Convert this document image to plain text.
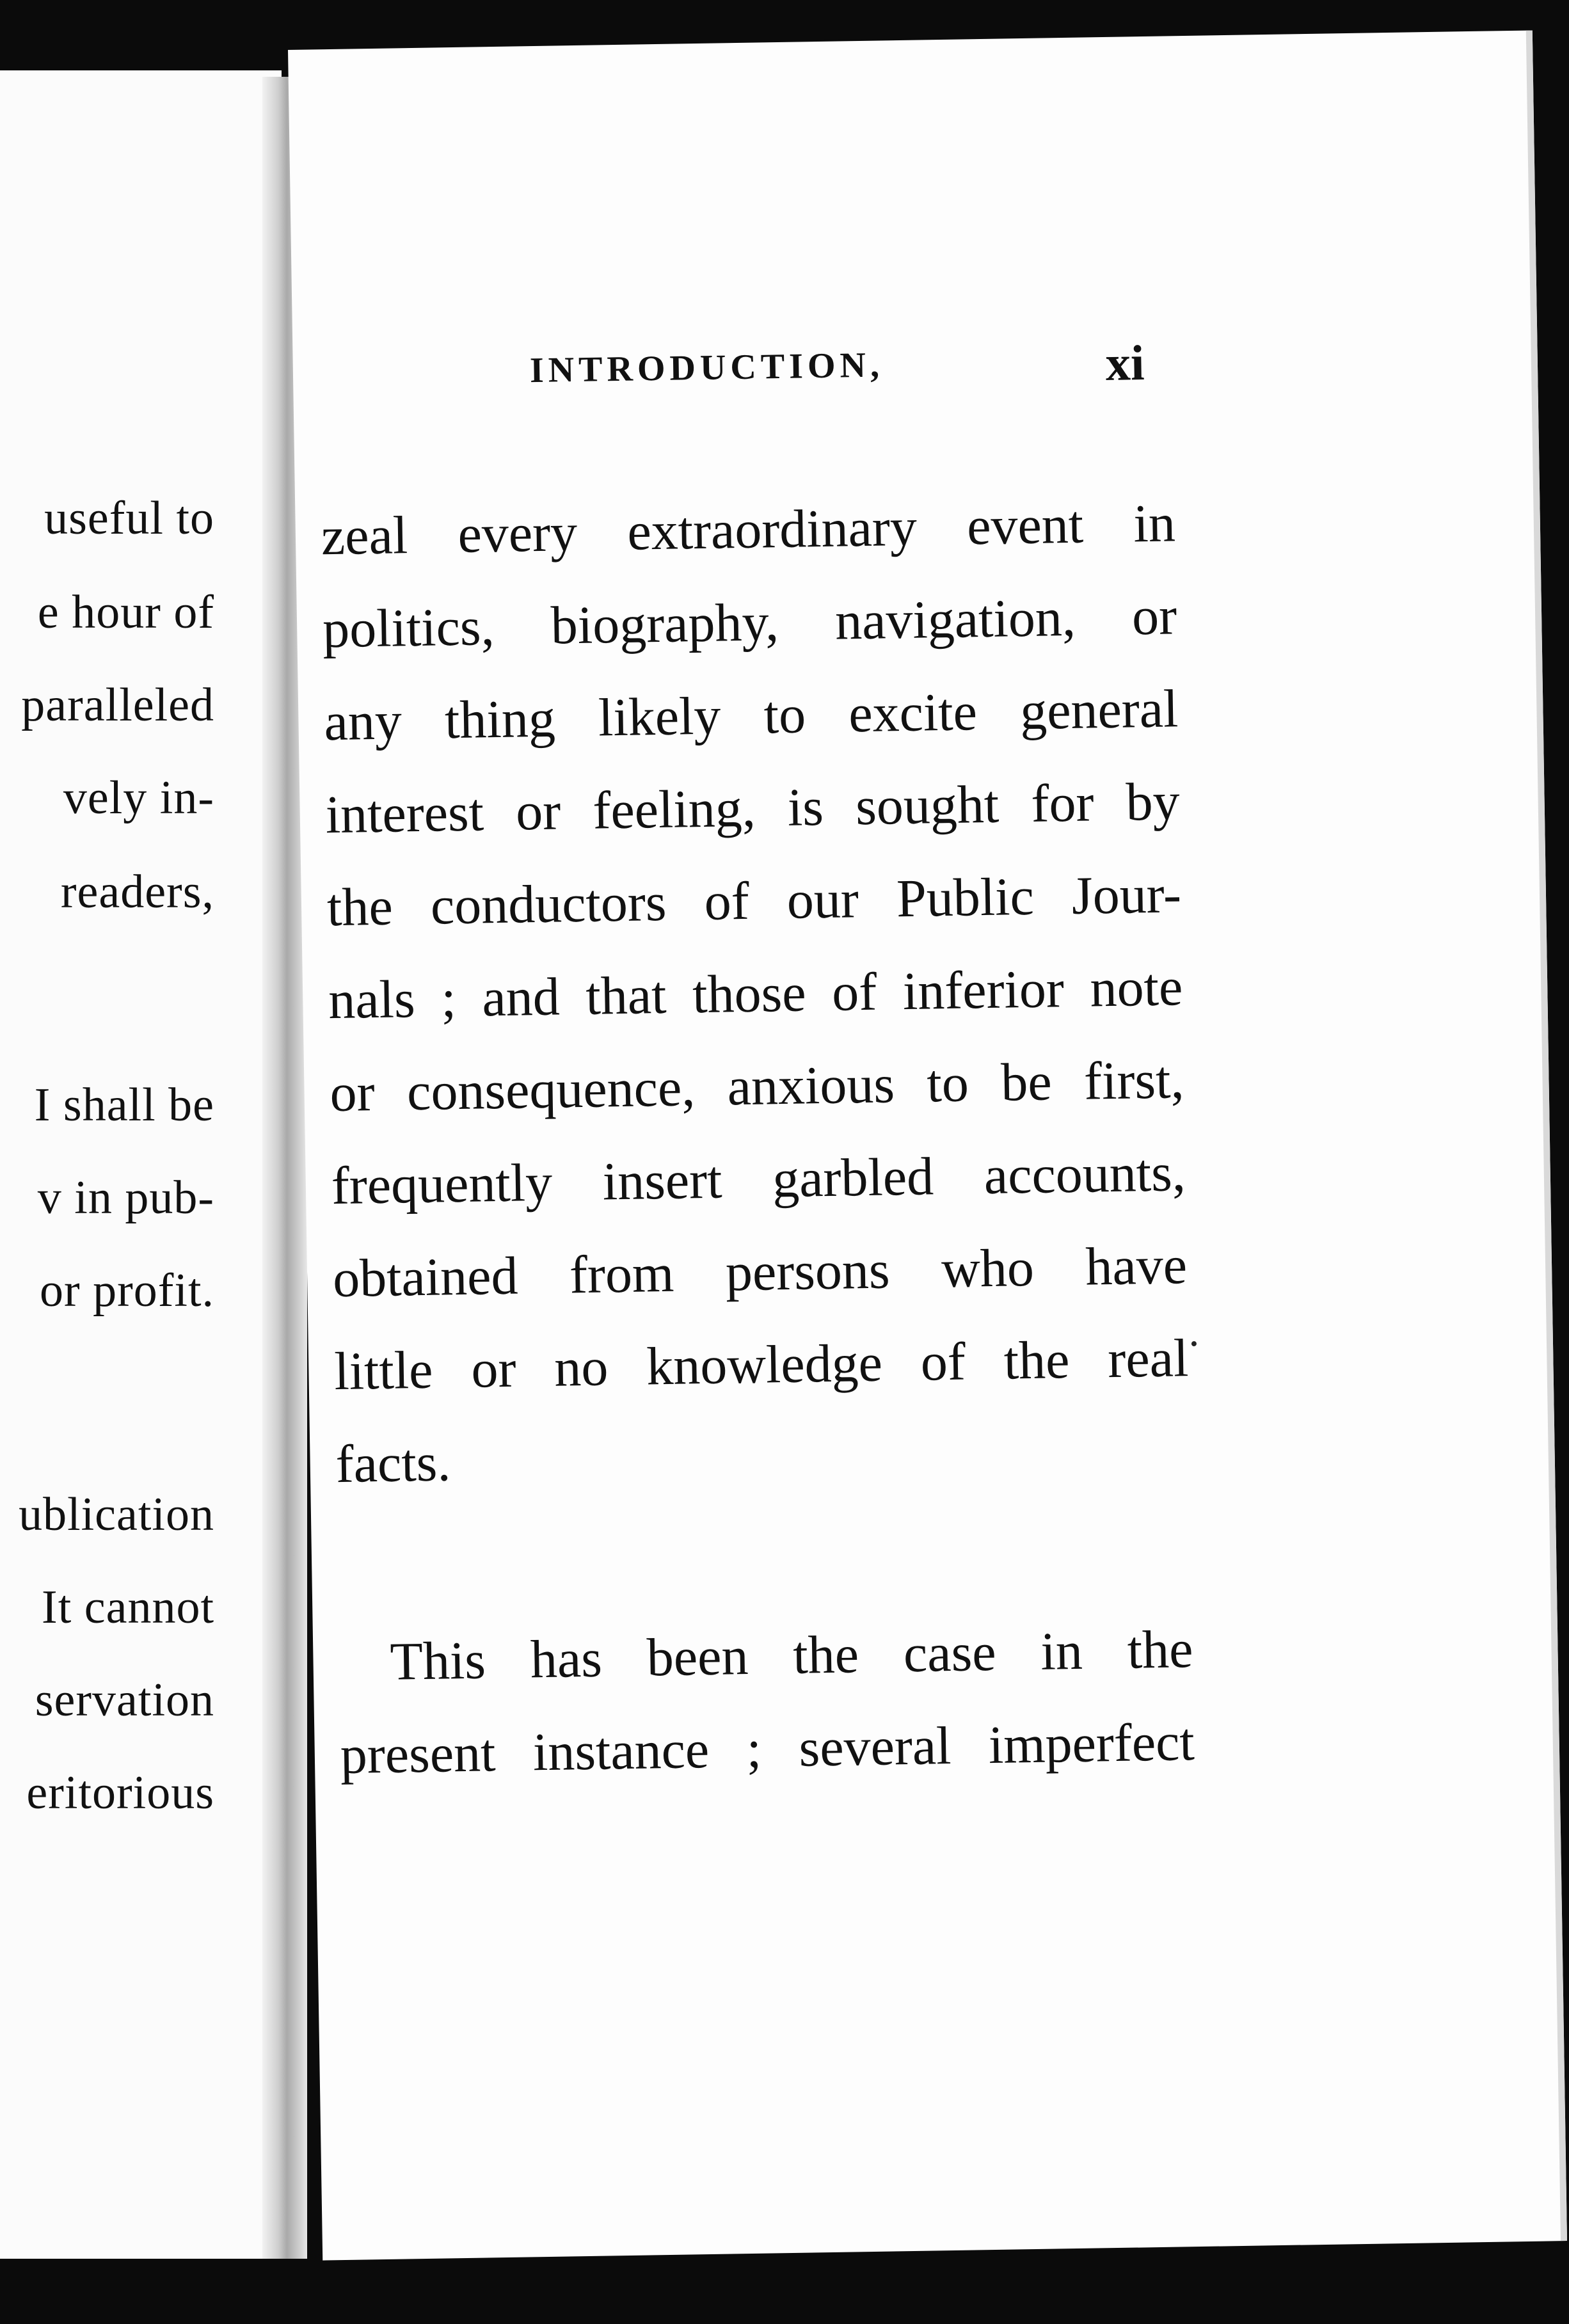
useful to
e hour of
paralleled
vely in-
readers,
I shall be
v in pub-
or profit.
ublication
It cannot
servation
eritorious
INTRODUCTION,	xi
zeal every extraordinary event in
politics, biography, navigation, or
any thing likely to excite general
interest or feeling, is sought for by
the conductors of our Public Jour-
nals ; and that those of inferior note
or consequence, anxious to be first,
frequently insert garbled accounts,
obtained from persons who have
little or no knowledge of the real
facts.
This has been the case in the
present instance ; several imperfect
